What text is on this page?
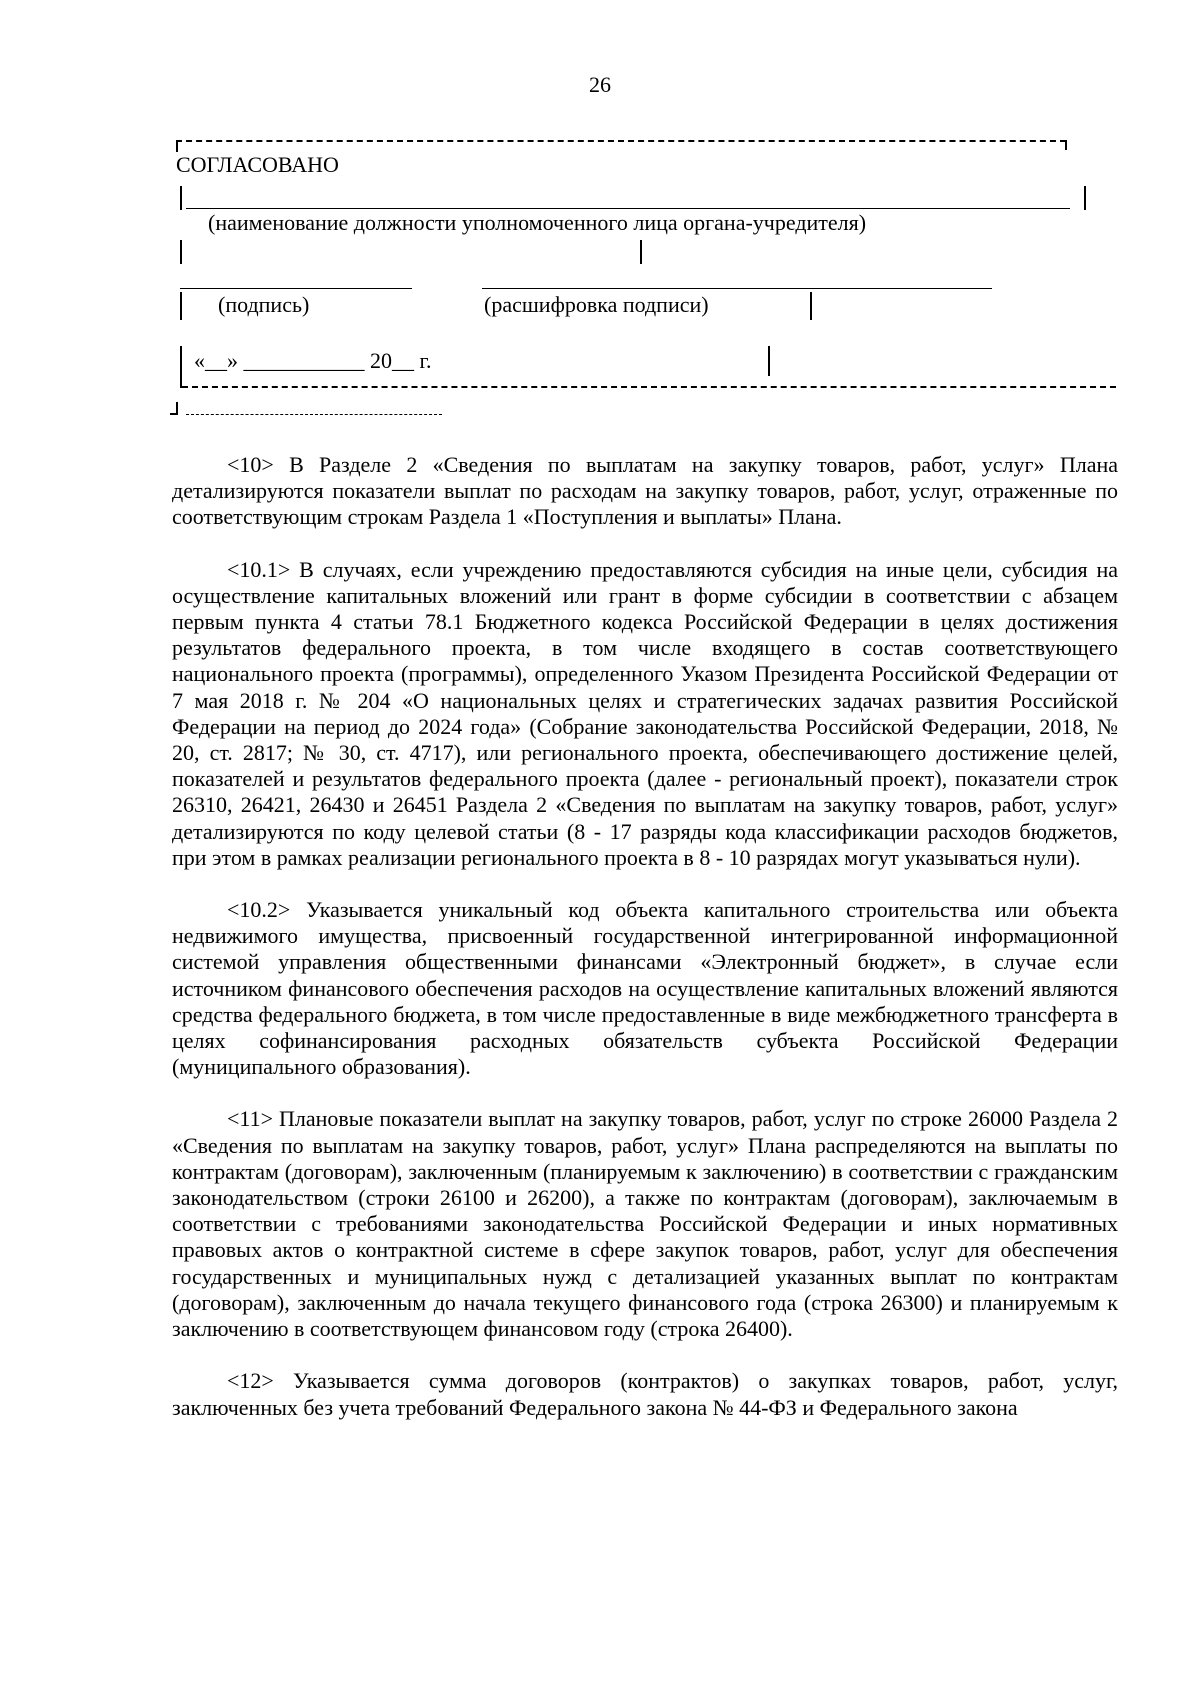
26
СОГЛАСОВАНО
(наименование должности уполномоченного лица органа-учредителя)
(подпись)	(расшифровка подписи)
«__» ___________ 20__ г.

<10> В Разделе 2 «Сведения по выплатам на закупку товаров, работ, услуг» Плана детализируются показатели выплат по расходам на закупку товаров, работ, услуг, отраженные по соответствующим строкам Раздела 1 «Поступления и выплаты» Плана.

<10.1> В случаях, если учреждению предоставляются субсидия на иные цели, субсидия на осуществление капитальных вложений или грант в форме субсидии в соответствии с абзацем первым пункта 4 статьи 78.1 Бюджетного кодекса Российской Федерации в целях достижения результатов федерального проекта, в том числе входящего в состав соответствующего национального проекта (программы), определенного Указом Президента Российской Федерации от 7 мая 2018 г. № 204 «О национальных целях и стратегических задачах развития Российской Федерации на период до 2024 года» (Собрание законодательства Российской Федерации, 2018, № 20, ст. 2817; № 30, ст. 4717), или регионального проекта, обеспечивающего достижение целей, показателей и результатов федерального проекта (далее - региональный проект), показатели строк 26310, 26421, 26430 и 26451 Раздела 2 «Сведения по выплатам на закупку товаров, работ, услуг» детализируются по коду целевой статьи (8 - 17 разряды кода классификации расходов бюджетов, при этом в рамках реализации регионального проекта в 8 - 10 разрядах могут указываться нули).

<10.2> Указывается уникальный код объекта капитального строительства или объекта недвижимого имущества, присвоенный государственной интегрированной информационной системой управления общественными финансами «Электронный бюджет», в случае если источником финансового обеспечения расходов на осуществление капитальных вложений являются средства федерального бюджета, в том числе предоставленные в виде межбюджетного трансферта в целях софинансирования расходных обязательств субъекта Российской Федерации (муниципального образования).

<11> Плановые показатели выплат на закупку товаров, работ, услуг по строке 26000 Раздела 2 «Сведения по выплатам на закупку товаров, работ, услуг» Плана распределяются на выплаты по контрактам (договорам), заключенным (планируемым к заключению) в соответствии с гражданским законодательством (строки 26100 и 26200), а также по контрактам (договорам), заключаемым в соответствии с требованиями законодательства Российской Федерации и иных нормативных правовых актов о контрактной системе в сфере закупок товаров, работ, услуг для обеспечения государственных и муниципальных нужд с детализацией указанных выплат по контрактам (договорам), заключенным до начала текущего финансового года (строка 26300) и планируемым к заключению в соответствующем финансовом году (строка 26400).

<12> Указывается сумма договоров (контрактов) о закупках товаров, работ, услуг, заключенных без учета требований Федерального закона № 44-ФЗ и Федерального закона
